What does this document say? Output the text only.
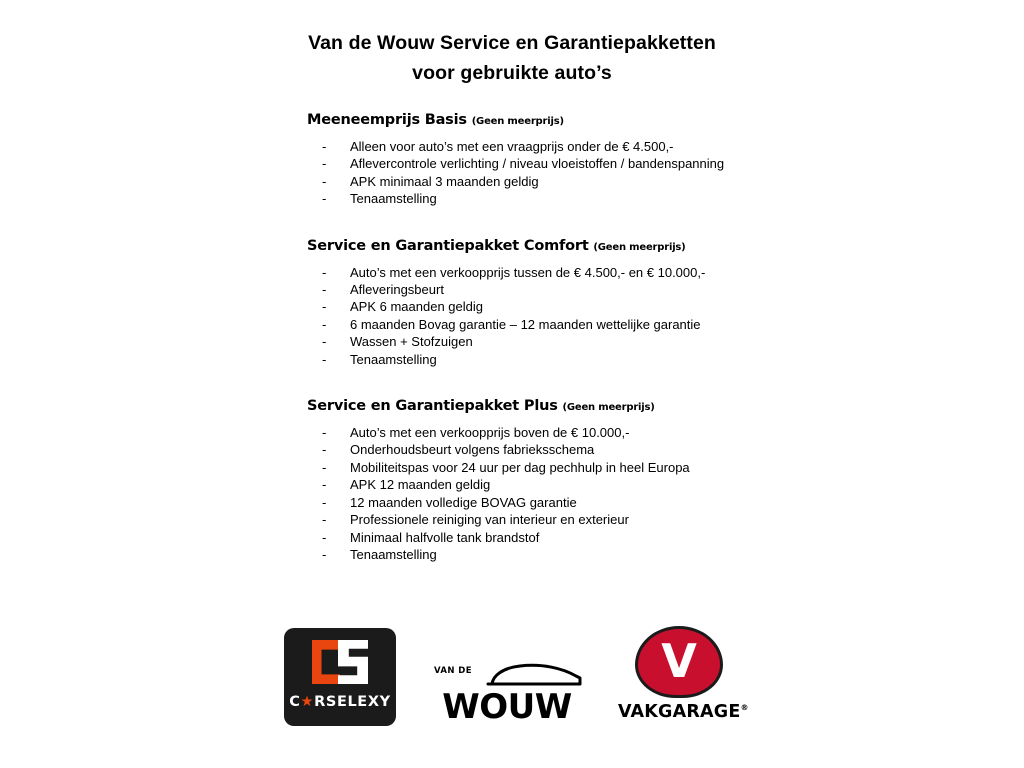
Van de Wouw Service en Garantiepakketten
voor gebruikte auto’s
Meeneemprijs Basis (Geen meerprijs)
- Alleen voor auto’s met een vraagprijs onder de € 4.500,-
- Aflevercontrole verlichting / niveau vloeistoffen / bandenspanning
- APK minimaal 3 maanden geldig
- Tenaamstelling
Service en Garantiepakket Comfort (Geen meerprijs)
- Auto’s met een verkoopprijs tussen de € 4.500,- en € 10.000,-
- Afleveringsbeurt
- APK 6 maanden geldig
- 6 maanden Bovag garantie – 12 maanden wettelijke garantie
- Wassen + Stofzuigen
- Tenaamstelling
Service en Garantiepakket Plus (Geen meerprijs)
- Auto’s met een verkoopprijs boven de € 10.000,-
- Onderhoudsbeurt volgens fabrieksschema
- Mobiliteitspas voor 24 uur per dag pechhulp in heel Europa
- APK 12 maanden geldig
- 12 maanden volledige BOVAG garantie
- Professionele reiniging van interieur en exterieur
- Minimaal halfvolle tank brandstof
- Tenaamstelling
C★RSELEXY
VAN DE
WOUW
V
VAKGARAGE®
